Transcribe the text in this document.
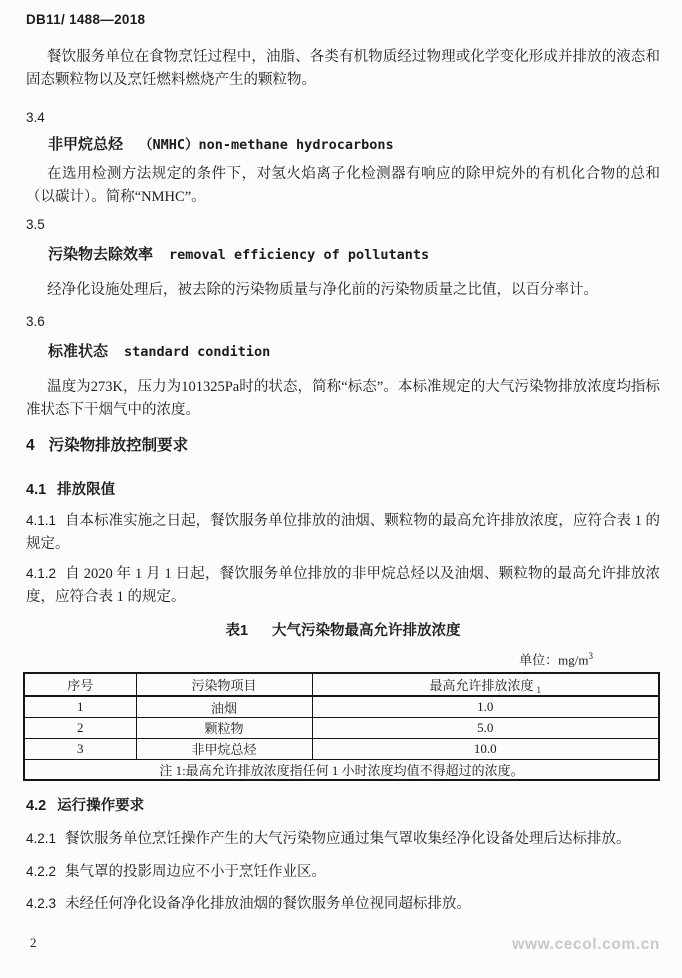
DB11/ 1488—2018

餐饮服务单位在食物烹饪过程中，油脂、各类有机物质经过物理或化学变化形成并排放的液态和固态颗粒物以及烹饪燃料燃烧产生的颗粒物。

3.4
非甲烷总烃 （NMHC）non-methane hydrocarbons

在选用检测方法规定的条件下，对氢火焰离子化检测器有响应的除甲烷外的有机化合物的总和（以碳计）。简称“NMHC”。

3.5
污染物去除效率 removal efficiency of pollutants

经净化设施处理后，被去除的污染物质量与净化前的污染物质量之比值，以百分率计。

3.6
标准状态 standard condition

温度为273K，压力为101325Pa时的状态，简称“标态”。本标准规定的大气污染物排放浓度均指标准状态下干烟气中的浓度。

4 污染物排放控制要求
4.1 排放限值

4.1.1 自本标准实施之日起，餐饮服务单位排放的油烟、颗粒物的最高允许排放浓度，应符合表 1 的规定。

4.1.2 自 2020 年 1 月 1 日起，餐饮服务单位排放的非甲烷总烃以及油烟、颗粒物的最高允许排放浓度，应符合表 1 的规定。

表1 大气污染物最高允许排放浓度
单位：$mg/m^3$
序号	污染物项目	最高允许排放浓度 $_1$
1	油烟	1.0
2	颗粒物	5.0
3	非甲烷总烃	10.0
注 1:最高允许排放浓度指任何 1 小时浓度均值不得超过的浓度。		
4.2 运行操作要求

4.2.1 餐饮服务单位烹饪操作产生的大气污染物应通过集气罩收集经净化设备处理后达标排放。

4.2.2 集气罩的投影周边应不小于烹饪作业区。

4.2.3 未经任何净化设备净化排放油烟的餐饮服务单位视同超标排放。

2	www.cecol.com.cn
